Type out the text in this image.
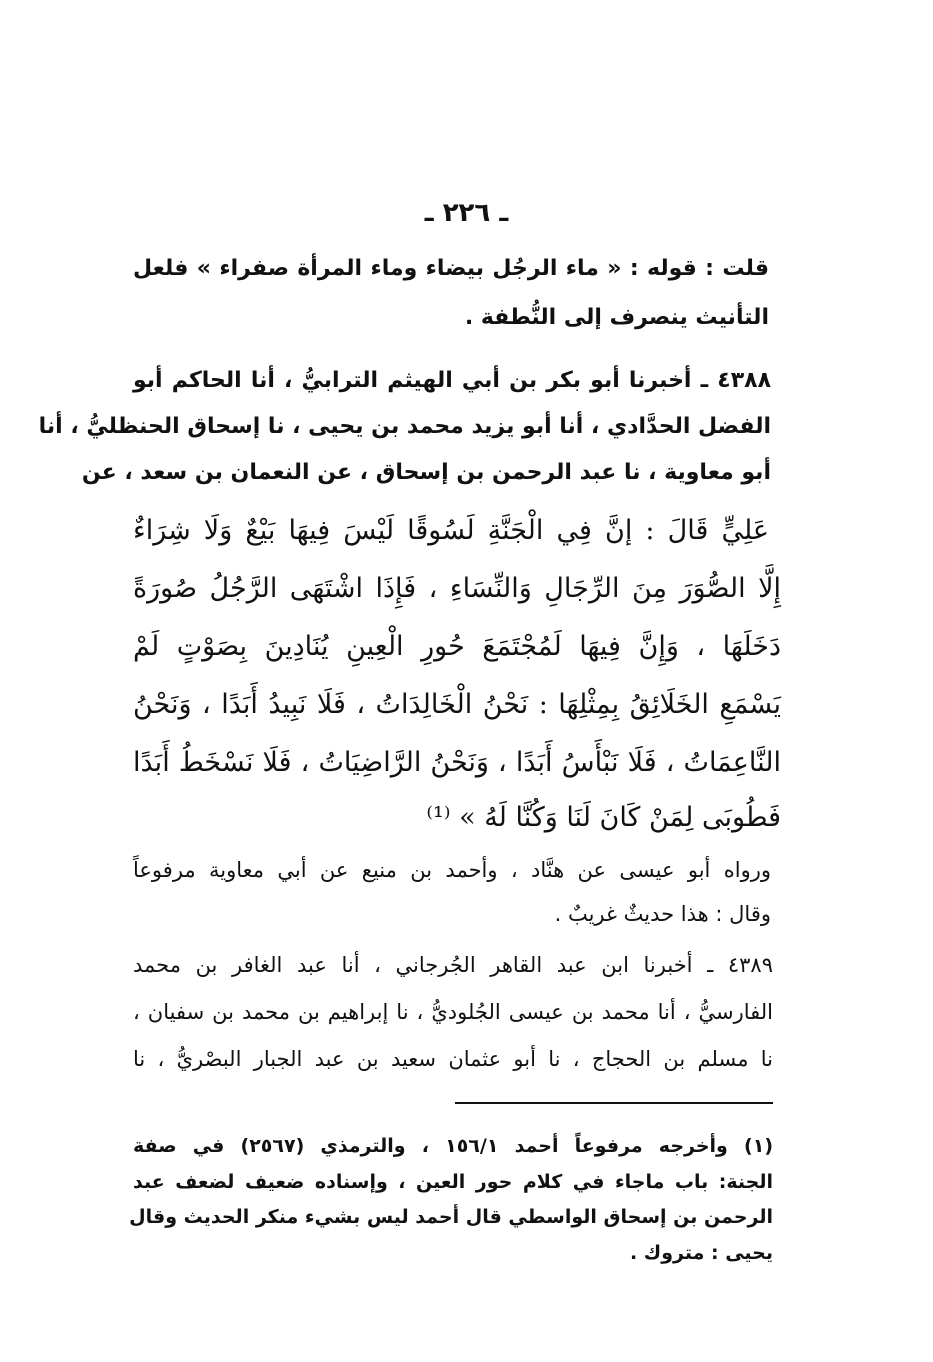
ـ ٢٢٦ ـ
قلت : قوله : « ماء الرجُل بيضاء وماء المرأة صفراء » فلعل
التأنيث ينصرف إلى النُّطفة .
٤٣٨٨ ـ أخبرنا أبو بكر بن أبي الهيثم الترابيُّ ، أنا الحاكم أبو
الفضل الحدَّادي ، أنا أبو يزيد محمد بن يحيى ، نا إسحاق الحنظليُّ ، أنا
أبو معاوية ، نا عبد الرحمن بن إسحاق ، عن النعمان بن سعد ، عن
عَلِيٍّ قَالَ : إنَّ فِي الْجَنَّةِ لَسُوقًا لَيْسَ فِيهَا بَيْعٌ وَلَا شِرَاءٌ
إِلَّا الصُّوَرَ مِنَ الرِّجَالِ وَالنِّسَاءِ ، فَإِذَا اشْتَهَى الرَّجُلُ صُورَةً
دَخَلَهَا ، وَإِنَّ فِيهَا لَمُجْتَمَعَ حُورِ الْعِينِ يُنَادِينَ بِصَوْتٍ لَمْ
يَسْمَعِ الخَلَائِقُ بِمِثْلِهَا : نَحْنُ الْخَالِدَاتُ ، فَلَا نَبِيدُ أَبَدًا ، وَنَحْنُ
النَّاعِمَاتُ ، فَلَا نَبْأَسُ أَبَدًا ، وَنَحْنُ الرَّاضِيَاتُ ، فَلَا نَسْخَطُ أَبَدًا
فَطُوبَى لِمَنْ كَانَ لَنَا وَكُنَّا لَهُ » ⁽¹⁾
ورواه أبو عيسى عن هنَّاد ، وأحمد بن منيع عن أبي معاوية مرفوعاً
وقال : هذا حديثٌ غريبٌ .
٤٣٨٩ ـ أخبرنا ابن عبد القاهر الجُرجاني ، أنا عبد الغافر بن محمد
الفارسيُّ ، أنا محمد بن عيسى الجُلوديُّ ، نا إبراهيم بن محمد بن سفيان ،
نا مسلم بن الحجاج ، نا أبو عثمان سعيد بن عبد الجبار البصْريُّ ، نا
(١) وأخرجه مرفوعاً أحمد ١٥٦/١ ، والترمذي (٢٥٦٧) في صفة
الجنة: باب ماجاء في كلام حور العين ، وإسناده ضعيف لضعف عبد
الرحمن بن إسحاق الواسطي قال أحمد ليس بشيء منكر الحديث وقال
يحيى : متروك .
